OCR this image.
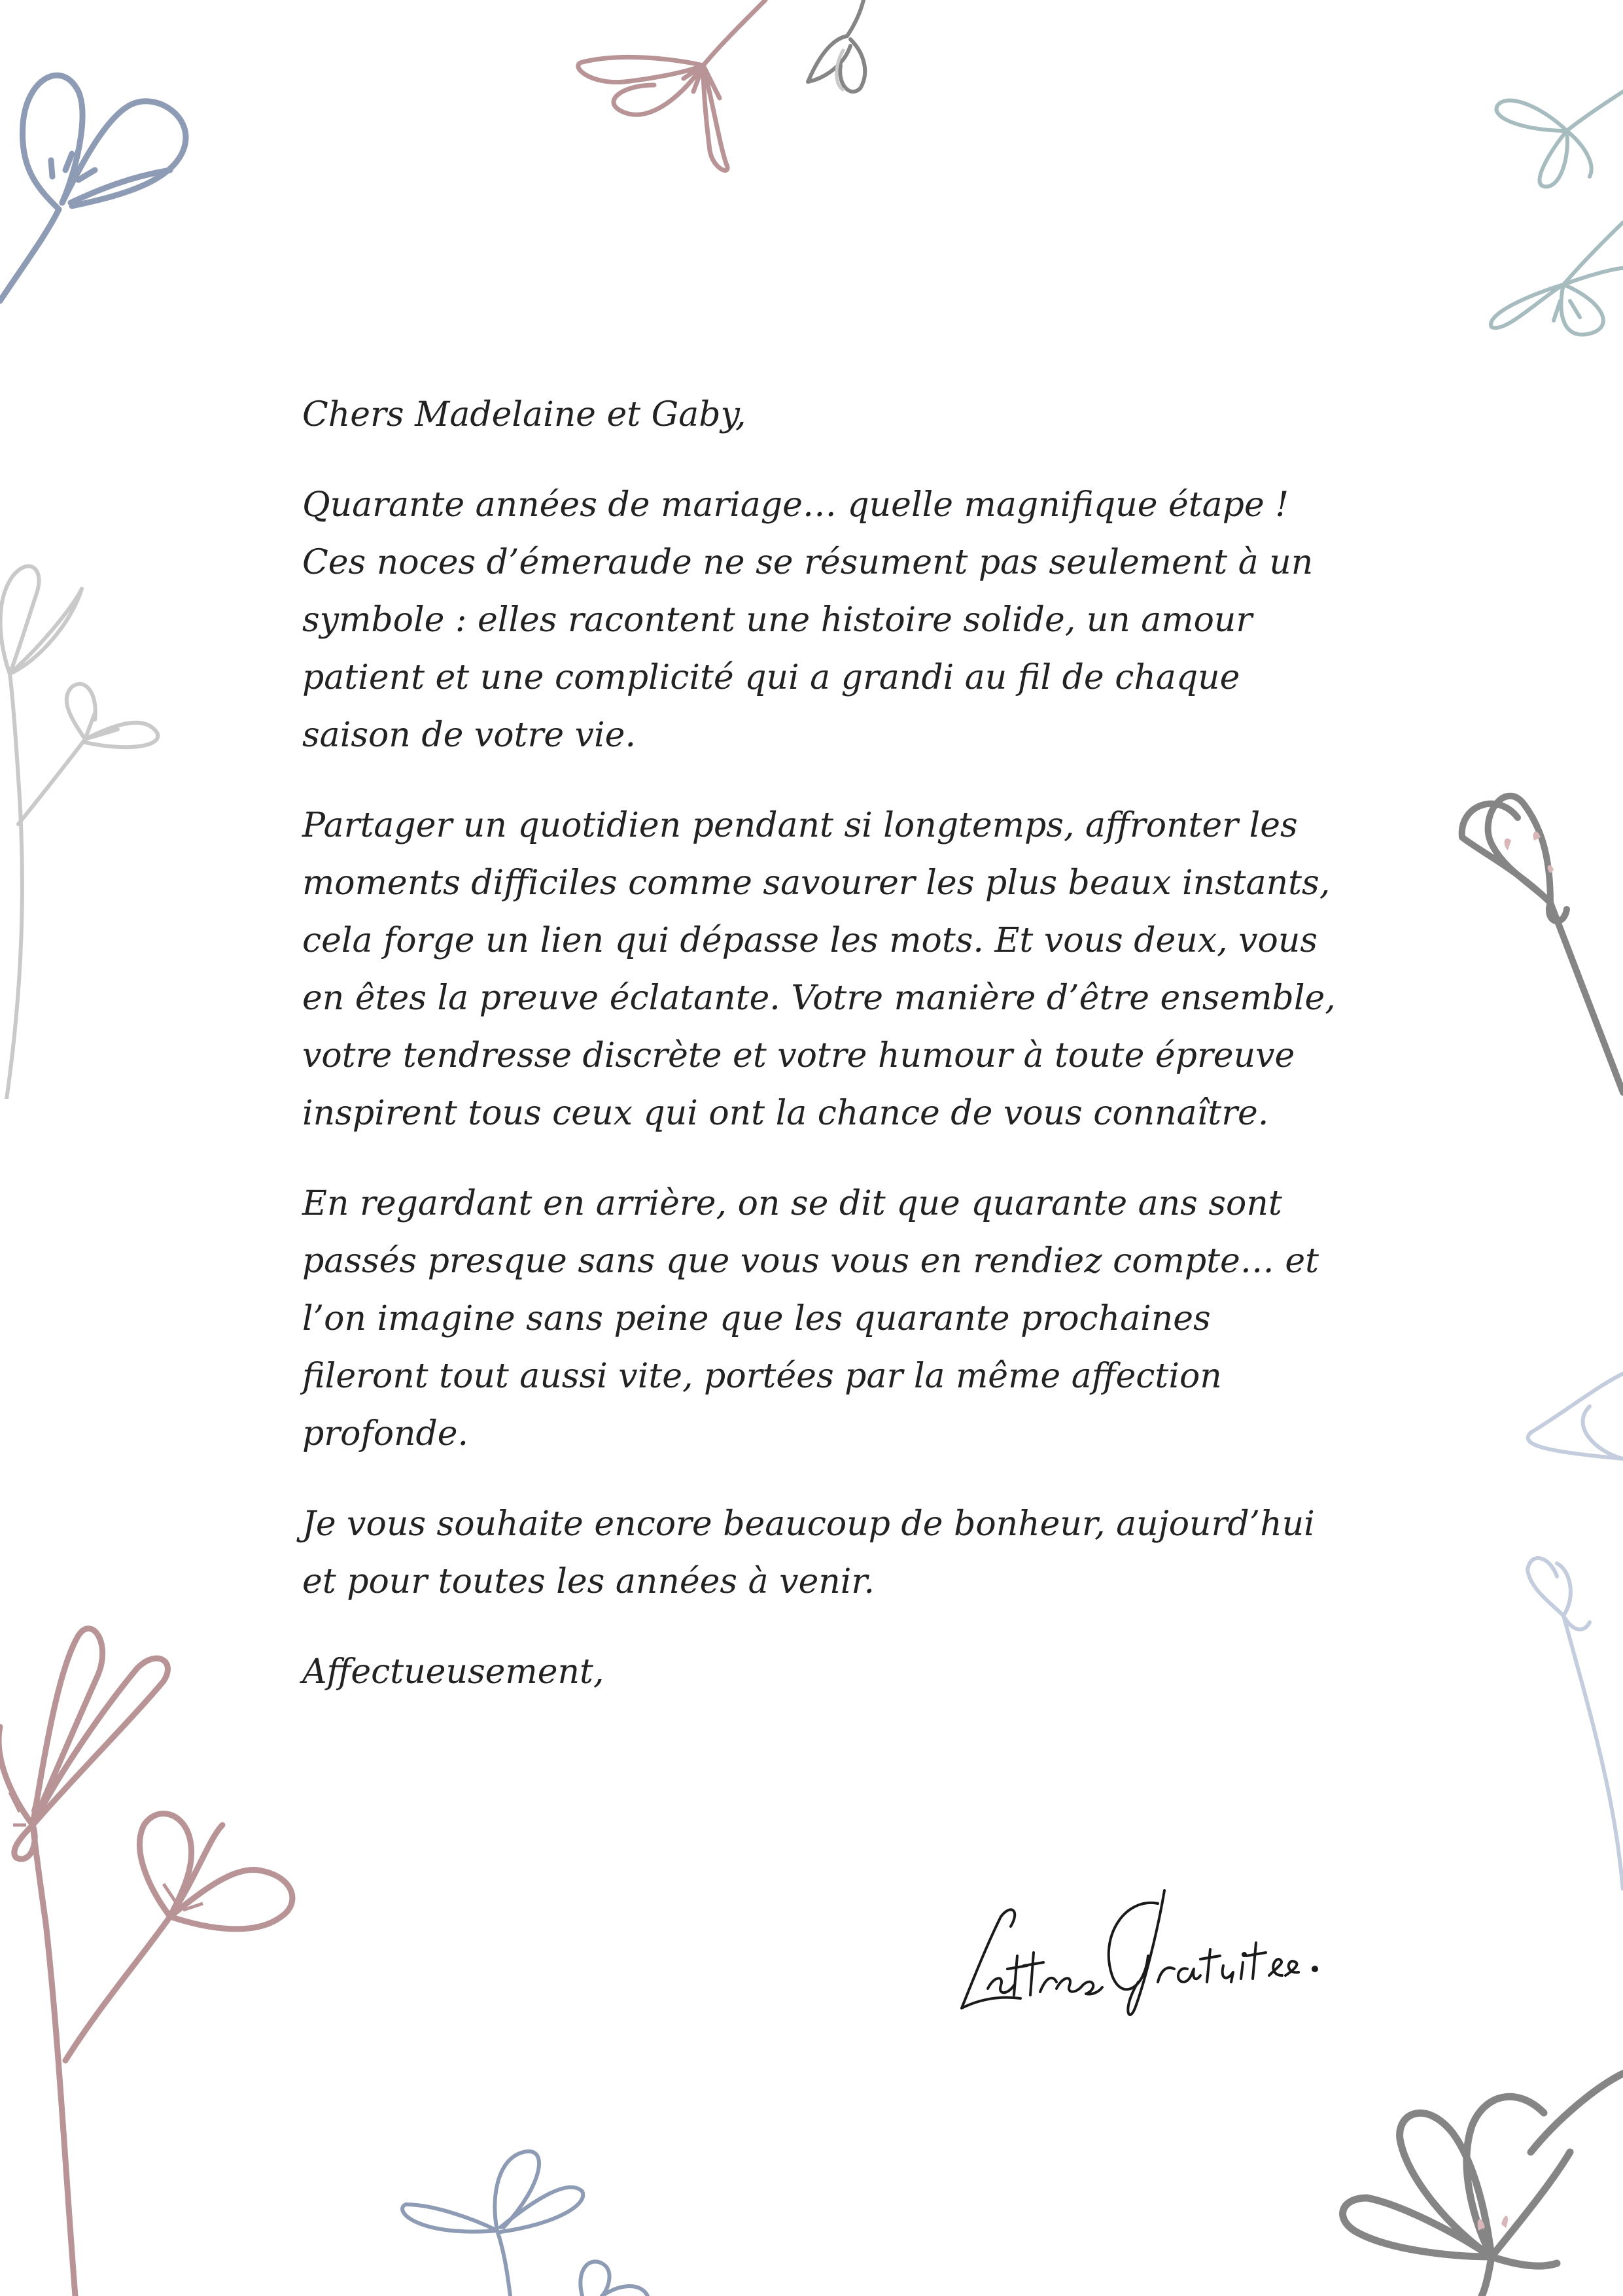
Chers Madelaine et Gaby,

Quarante années de mariage… quelle magnifique étape ! Ces noces d’émeraude ne se résument pas seulement à un symbole : elles racontent une histoire solide, un amour patient et une complicité qui a grandi au fil de chaque saison de votre vie.

Partager un quotidien pendant si longtemps, affronter les moments difficiles comme savourer les plus beaux instants, cela forge un lien qui dépasse les mots. Et vous deux, vous en êtes la preuve éclatante. Votre manière d’être ensemble, votre tendresse discrète et votre humour à toute épreuve inspirent tous ceux qui ont la chance de vous connaître.

En regardant en arrière, on se dit que quarante ans sont passés presque sans que vous vous en rendiez compte… et l’on imagine sans peine que les quarante prochaines fileront tout aussi vite, portées par la même affection profonde.

Je vous souhaite encore beaucoup de bonheur, aujourd’hui et pour toutes les années à venir.

Affectueusement,
